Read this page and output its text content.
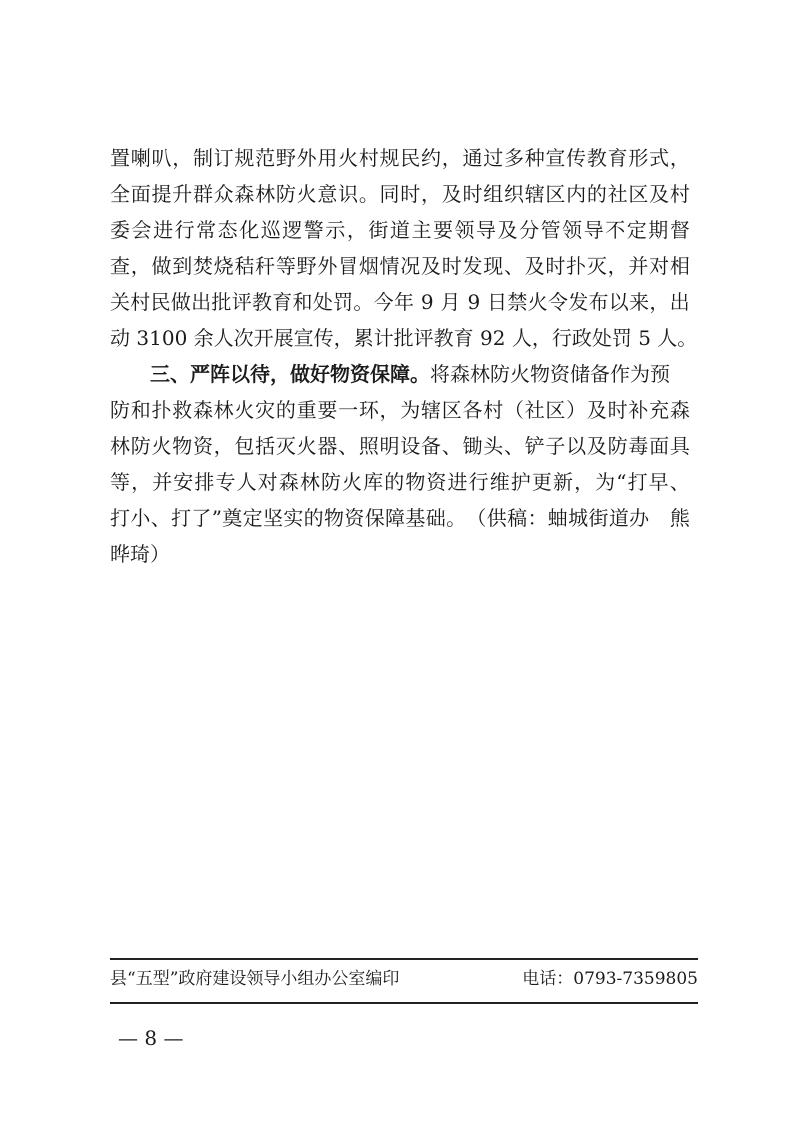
置 喇 叭 ， 制 订 规 范 野 外 用 火 村 规 民 约 ， 通 过 多 种 宣 传 教 育 形 式 ，
全 面 提 升 群 众 森 林 防 火 意 识 。 同 时 ， 及 时 组 织 辖 区 内 的 社 区 及 村
委 会 进 行 常 态 化 巡 逻 警 示 ， 街 道 主 要 领 导 及 分 管 领 导 不 定 期 督
查 ， 做 到 焚 烧 秸 秆 等 野 外 冒 烟 情 况 及 时 发 现 、 及 时 扑 灭 ， 并 对 相
关 村 民 做 出 批 评 教 育 和 处 罚 。 今 年
9
月
9
日 禁 火 令 发 布 以 来 ， 出
动
3 1 0 0
余 人 次 开 展 宣 传 ， 累 计 批 评 教 育
9 2
人 ， 行 政 处 罚
5
人 。

三、严阵以待，做好物资保障。 将森林防火物资储备作为预
防 和 扑 救 森 林 火 灾 的 重 要 一 环 ， 为 辖 区 各 村 （ 社 区 ） 及 时 补 充 森
林 防 火 物 资 ， 包 括 灭 火 器 、 照 明 设 备 、 锄 头 、 铲 子 以 及 防 毒 面 具
等 ， 并 安 排 专 人 对 森 林 防 火 库 的 物 资 进 行 维 护 更 新 ， 为 “ 打 早 、
打 小 、 打 了 ” 奠 定 坚 实 的 物 资 保 障 基 础 。 （ 供 稿 ： 蚰 城 街 道 办
　 熊
晔琦）
县“五型”政府建设领导小组办公室编印	电话：0793-7359805
— 8 —
